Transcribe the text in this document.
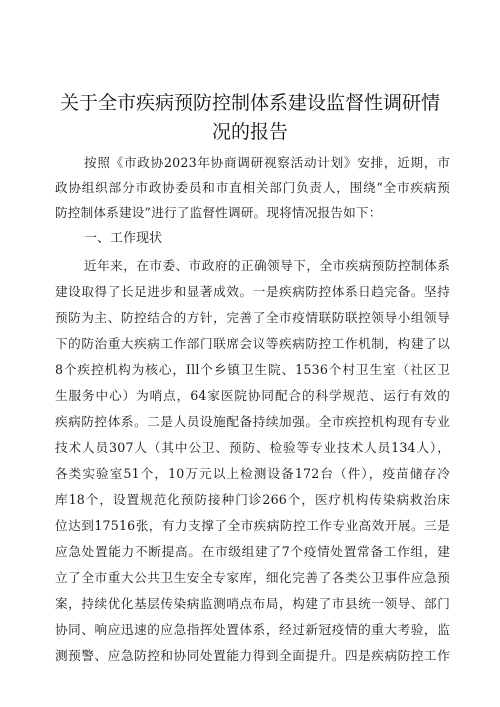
关于全市疾病预防控制体系建设监督性调研情
况的报告
按照《市政协2023年协商调研视察活动计划》安排，近期，市
政协组织部分市政协委员和市直相关部门负责人，围绕“全市疾病预
防控制体系建设”进行了监督性调研。现将情况报告如下：
一、工作现状
近年来，在市委、市政府的正确领导下，全市疾病预防控制体系
建设取得了长足进步和显著成效。一是疾病防控体系日趋完备。坚持
预防为主、防控结合的方针，完善了全市疫情联防联控领导小组领导
下的防治重大疾病工作部门联席会议等疾病防控工作机制，构建了以
8个疾控机构为核心，Ill个乡镇卫生院、1536个村卫生室（社区卫
生服务中心）为哨点，64家医院协同配合的科学规范、运行有效的
疾病防控体系。二是人员设施配备持续加强。全市疾控机构现有专业
技术人员307人（其中公卫、预防、检验等专业技术人员134人），
各类实验室51个，10万元以上检测设备172台（件），疫苗储存冷
库18个，设置规范化预防接种门诊266个，医疗机构传染病救治床
位达到17516张，有力支撑了全市疾病防控工作专业高效开展。三是
应急处置能力不断提高。在市级组建了7个疫情处置常备工作组，建
立了全市重大公共卫生安全专家库，细化完善了各类公卫事件应急预
案，持续优化基层传染病监测哨点布局，构建了市县统一领导、部门
协同、响应迅速的应急指挥处置体系，经过新冠疫情的重大考验，监
测预警、应急防控和协同处置能力得到全面提升。四是疾病防控工作
